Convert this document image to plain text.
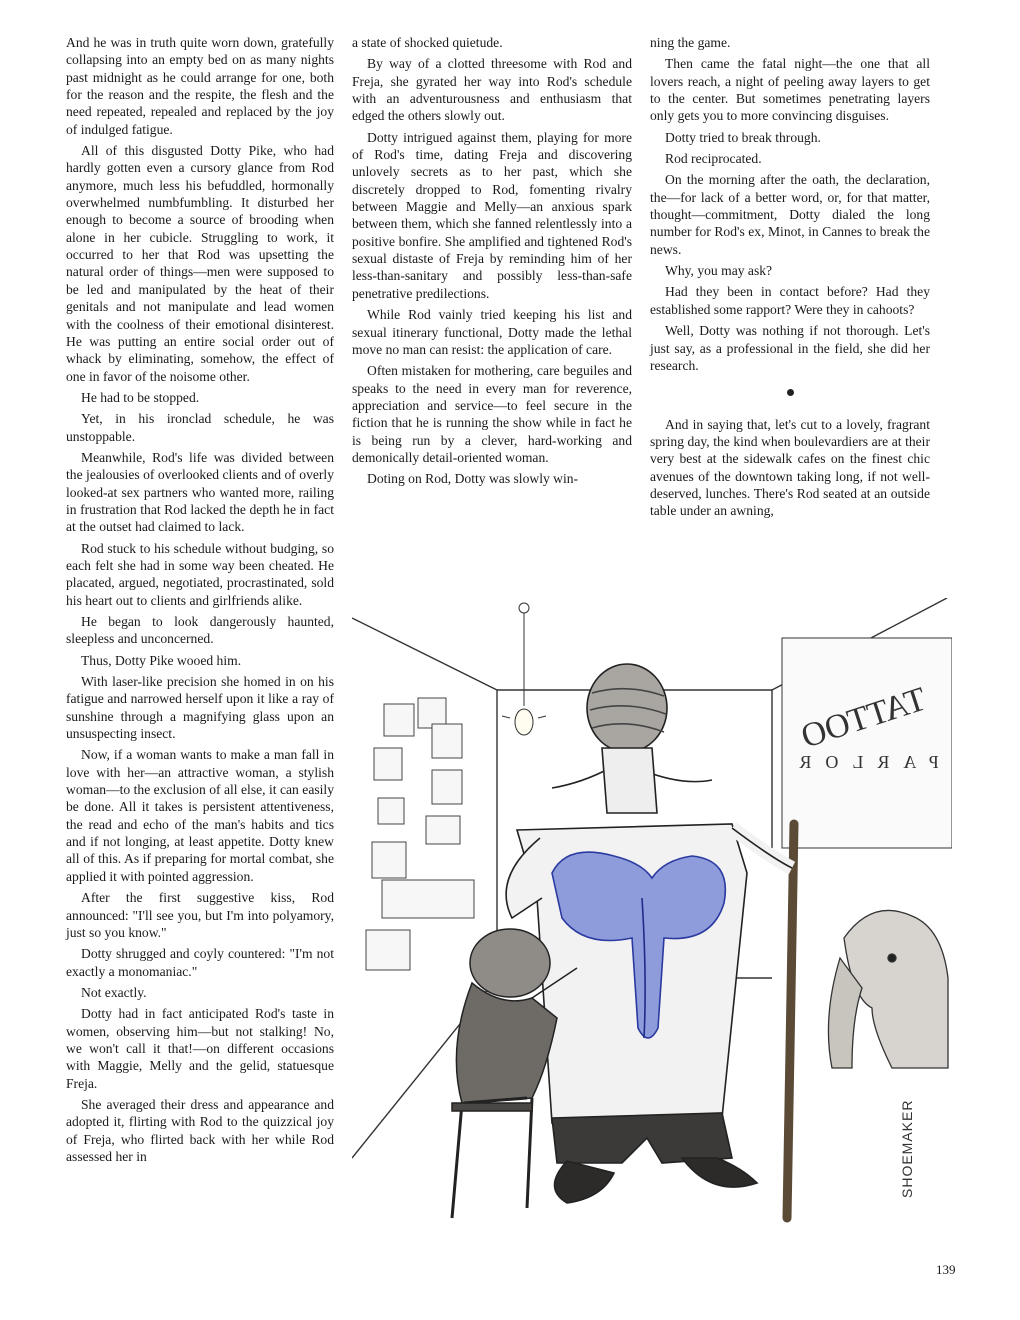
And he was in truth quite worn down, gratefully collapsing into an empty bed on as many nights past midnight as he could arrange for one, both for the reason and the respite, the flesh and the need repeated, repealed and replaced by the joy of indulged fatigue.

All of this disgusted Dotty Pike, who had hardly gotten even a cursory glance from Rod anymore, much less his befuddled, hormonally overwhelmed numbfumbling. It disturbed her enough to become a source of brooding when alone in her cubicle. Struggling to work, it occurred to her that Rod was upsetting the natural order of things—men were supposed to be led and manipulated by the heat of their genitals and not manipulate and lead women with the coolness of their emotional disinterest. He was putting an entire social order out of whack by eliminating, somehow, the effect of one in favor of the noisome other.

He had to be stopped.

Yet, in his ironclad schedule, he was unstoppable.

Meanwhile, Rod's life was divided between the jealousies of overlooked clients and of overly looked-at sex partners who wanted more, railing in frustration that Rod lacked the depth he in fact at the outset had claimed to lack.

Rod stuck to his schedule without budging, so each felt she had in some way been cheated. He placated, argued, negotiated, procrastinated, sold his heart out to clients and girlfriends alike.

He began to look dangerously haunted, sleepless and unconcerned.

Thus, Dotty Pike wooed him.

With laser-like precision she homed in on his fatigue and narrowed herself upon it like a ray of sunshine through a magnifying glass upon an unsuspecting insect.

Now, if a woman wants to make a man fall in love with her—an attractive woman, a stylish woman—to the exclusion of all else, it can easily be done. All it takes is persistent attentiveness, the read and echo of the man's habits and tics and if not longing, at least appetite. Dotty knew all of this. As if preparing for mortal combat, she applied it with pointed aggression.

After the first suggestive kiss, Rod announced: "I'll see you, but I'm into polyamory, just so you know."

Dotty shrugged and coyly countered: "I'm not exactly a monomaniac."

Not exactly.

Dotty had in fact anticipated Rod's taste in women, observing him—but not stalking! No, we won't call it that!—on different occasions with Maggie, Melly and the gelid, statuesque Freja.

She averaged their dress and appearance and adopted it, flirting with Rod to the quizzical joy of Freja, who flirted back with her while Rod assessed her in

a state of shocked quietude.

By way of a clotted threesome with Rod and Freja, she gyrated her way into Rod's schedule with an adventurousness and enthusiasm that edged the others slowly out.

Dotty intrigued against them, playing for more of Rod's time, dating Freja and discovering unlovely secrets as to her past, which she discretely dropped to Rod, fomenting rivalry between Maggie and Melly—an anxious spark between them, which she fanned relentlessly into a positive bonfire. She amplified and tightened Rod's sexual distaste of Freja by reminding him of her less-than-sanitary and possibly less-than-safe penetrative predilections.

While Rod vainly tried keeping his list and sexual itinerary functional, Dotty made the lethal move no man can resist: the application of care.

Often mistaken for mothering, care beguiles and speaks to the need in every man for reverence, appreciation and service—to feel secure in the fiction that he is running the show while in fact he is being run by a clever, hard-working and demonically detail-oriented woman.

Doting on Rod, Dotty was slowly win-

ning the game.

Then came the fatal night—the one that all lovers reach, a night of peeling away layers to get to the center. But sometimes penetrating layers only gets you to more convincing disguises.

Dotty tried to break through.

Rod reciprocated.

On the morning after the oath, the declaration, the—for lack of a better word, or, for that matter, thought—commitment, Dotty dialed the long number for Rod's ex, Minot, in Cannes to break the news.

Why, you may ask?

Had they been in contact before? Had they established some rapport? Were they in cahoots?

Well, Dotty was nothing if not thorough. Let's just say, as a professional in the field, she did her research.

And in saying that, let's cut to a lovely, fragrant spring day, the kind when boulevardiers are at their very best at the sidewalk cafes on the finest chic avenues of the downtown taking long, if not well-deserved, lunches. There's Rod seated at an outside table under an awning,

TATTOO
PARLOR
SHOEMAKER
139
